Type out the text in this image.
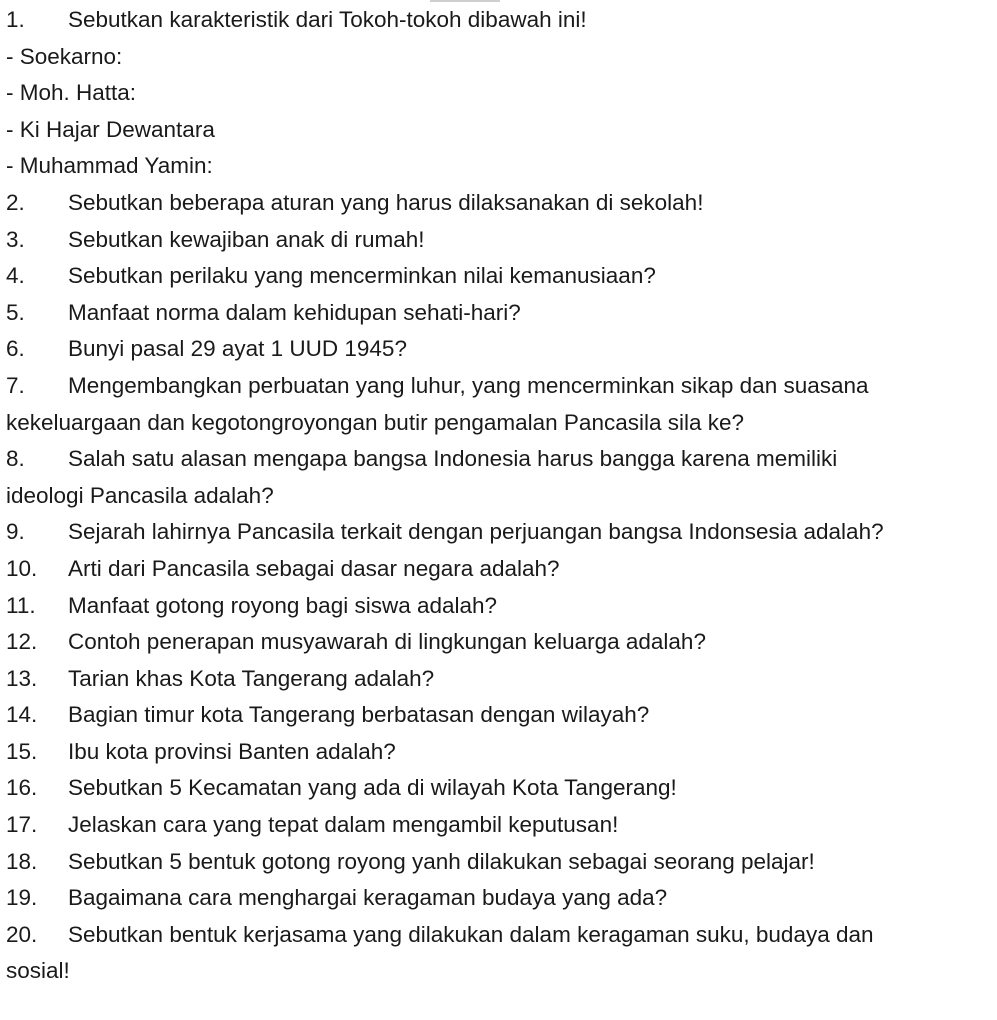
1. Sebutkan karakteristik dari Tokoh-tokoh dibawah ini!
- Soekarno:
- Moh. Hatta:
- Ki Hajar Dewantara
- Muhammad Yamin:
2. Sebutkan beberapa aturan yang harus dilaksanakan di sekolah!
3. Sebutkan kewajiban anak di rumah!
4. Sebutkan perilaku yang mencerminkan nilai kemanusiaan?
5. Manfaat norma dalam kehidupan sehati-hari?
6. Bunyi pasal 29 ayat 1 UUD 1945?
7. Mengembangkan perbuatan yang luhur, yang mencerminkan sikap dan suasana
kekeluargaan dan kegotongroyongan butir pengamalan Pancasila sila ke?
8. Salah satu alasan mengapa bangsa Indonesia harus bangga karena memiliki
ideologi Pancasila adalah?
9. Sejarah lahirnya Pancasila terkait dengan perjuangan bangsa Indonsesia adalah?
10. Arti dari Pancasila sebagai dasar negara adalah?
11. Manfaat gotong royong bagi siswa adalah?
12. Contoh penerapan musyawarah di lingkungan keluarga adalah?
13. Tarian khas Kota Tangerang adalah?
14. Bagian timur kota Tangerang berbatasan dengan wilayah?
15. Ibu kota provinsi Banten adalah?
16. Sebutkan 5 Kecamatan yang ada di wilayah Kota Tangerang!
17. Jelaskan cara yang tepat dalam mengambil keputusan!
18. Sebutkan 5 bentuk gotong royong yanh dilakukan sebagai seorang pelajar!
19. Bagaimana cara menghargai keragaman budaya yang ada?
20. Sebutkan bentuk kerjasama yang dilakukan dalam keragaman suku, budaya dan
sosial!
